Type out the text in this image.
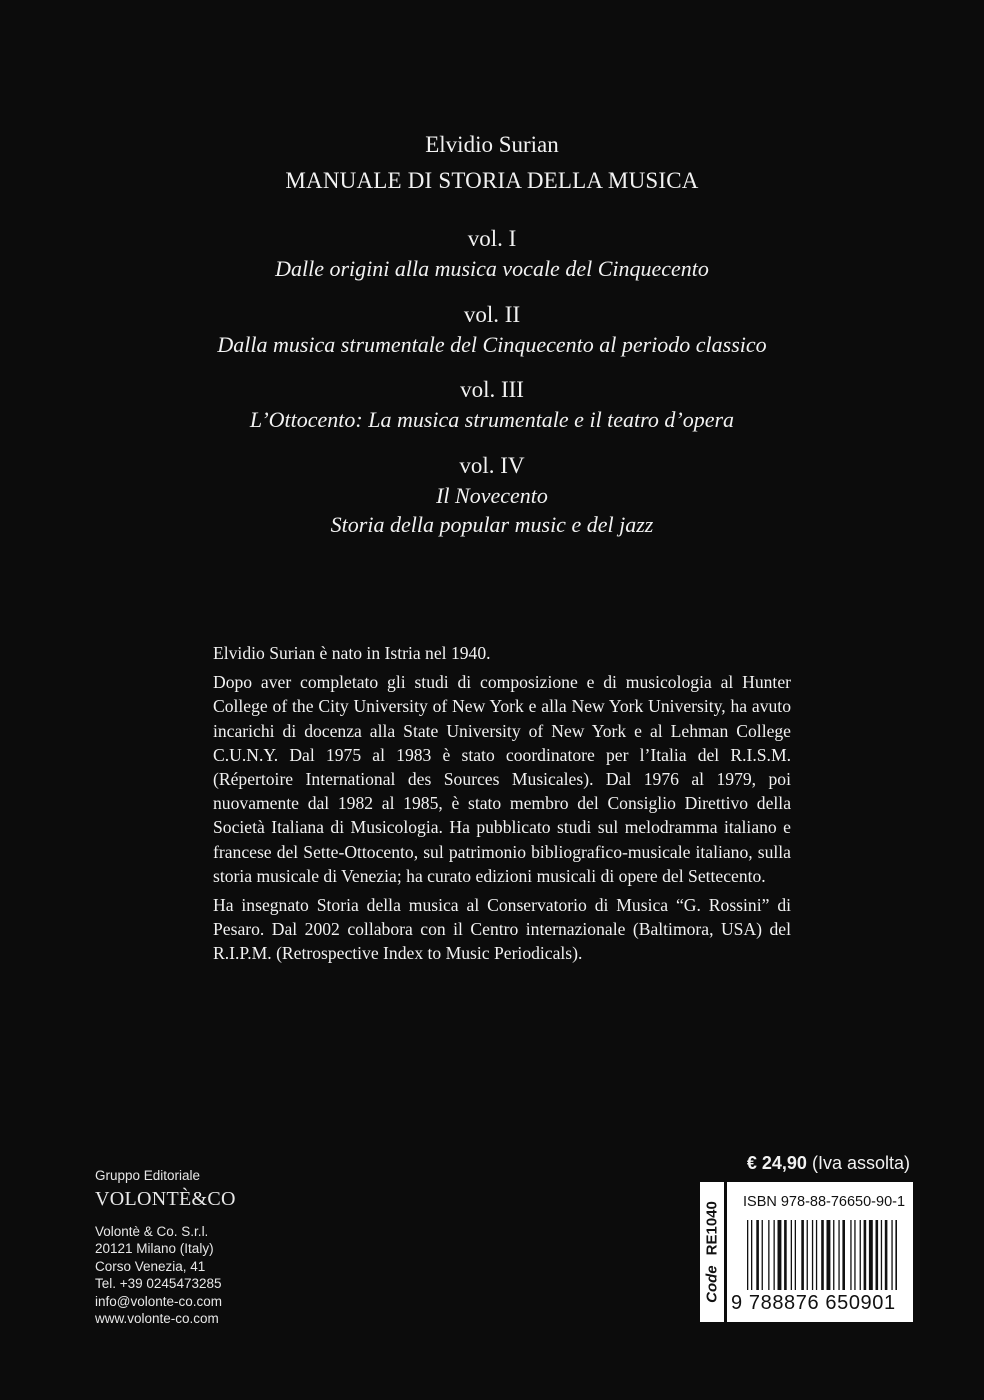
Elvidio Surian
MANUALE DI STORIA DELLA MUSICA
vol. I
Dalle origini alla musica vocale del Cinquecento
vol. II
Dalla musica strumentale del Cinquecento al periodo classico
vol. III
L’Ottocento: La musica strumentale e il teatro d’opera
vol. IV
Il Novecento
Storia della popular music e del jazz

Elvidio Surian è nato in Istria nel 1940.

Dopo aver completato gli studi di composizione e di musicologia al Hunter College of the City University of New York e alla New York University, ha avuto incarichi di docenza alla State University of New York e al Lehman College C.U.N.Y. Dal 1975 al 1983 è stato coordinatore per l’Italia del R.I.S.M. (Répertoire International des Sources Musicales). Dal 1976 al 1979, poi nuovamente dal 1982 al 1985, è stato membro del Consiglio Direttivo della Società Italiana di Musicologia. Ha pubblicato studi sul melodramma italiano e francese del Sette-Ottocento, sul patrimonio bibliografico-musicale italiano, sulla storia musicale di Venezia; ha curato edizioni musicali di opere del Settecento.

Ha insegnato Storia della musica al Conservatorio di Musica “G. Rossini” di Pesaro. Dal 2002 collabora con il Centro internazionale (Baltimora, USA) del R.I.P.M. (Retrospective Index to Music Periodicals).

Gruppo Editoriale
VOLONTÈ&CO
Volontè & Co. S.r.l.
20121 Milano (Italy)
Corso Venezia, 41
Tel. +39 0245473285
info@volonte-co.com
www.volonte-co.com
€ 24,90 (Iva assolta)
CodeRE1040 ISBN 978-88-76650-90-1
9 788876 650901
